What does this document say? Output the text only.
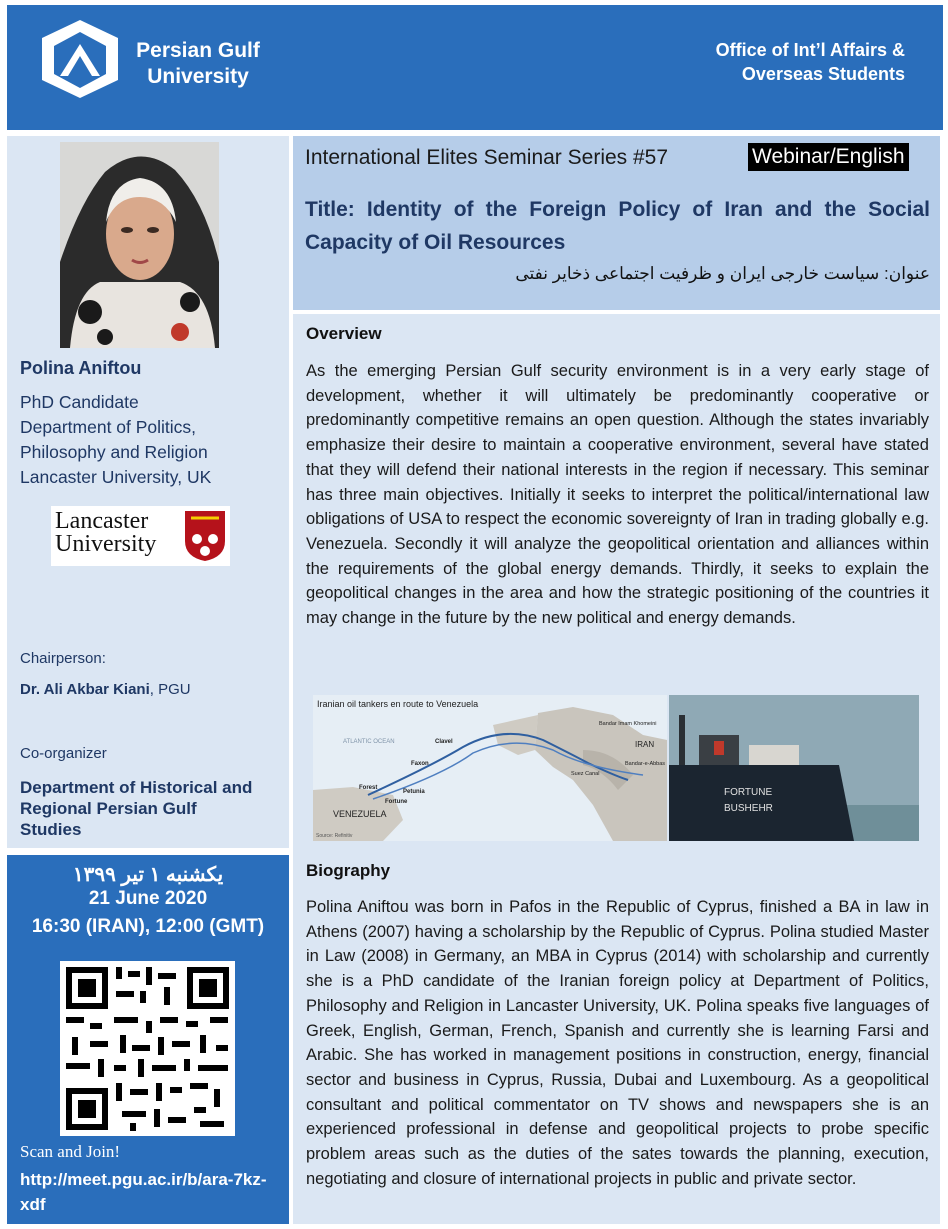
Persian Gulf University
Office of Int’l Affairs & Overseas Students
Polina Aniftou
PhD Candidate
Department of Politics,
Philosophy and Religion
Lancaster University, UK
Lancaster University
Chairperson:
Dr. Ali Akbar Kiani, PGU
Co-organizer
Department of Historical and Regional Persian Gulf Studies
یکشنبه ۱ تیر ۱۳۹۹
21 June 2020
16:30 (IRAN), 12:00 (GMT)
Scan and Join!
http://meet.pgu.ac.ir/b/ara-7kz-xdf
International Elites Seminar Series #57	Webinar/English
Title: Identity of the Foreign Policy of Iran and the Social Capacity of Oil Resources
عنوان: سیاست خارجی ایران و ظرفیت اجتماعی ذخایر نفتی
Overview
As the emerging Persian Gulf security environment is in a very early stage of development, whether it will ultimately be predominantly cooperative or predominantly competitive remains an open question. Although the states invariably emphasize their desire to maintain a cooperative environment, several have stated that they will defend their national interests in the region if necessary. This seminar has three main objectives. Initially it seeks to interpret the political/international law obligations of USA to respect the economic sovereignty of Iran in trading globally e.g. Venezuela. Secondly it will analyze the geopolitical orientation and alliances within the requirements of the global energy demands. Thirdly, it seeks to explain the geopolitical changes in the area and how the strategic positioning of the countries it may change in the future by the new political and energy demands.
Iranian oil tankers en route to Venezuela
ATLANTIC OCEAN	IRAN
VENEZUELA
Clavel
Faxon
Forest
Petunia
Fortune
Bandar Imam Khomeini
Suez Canal
Bandar-e-Abbas
Source: Refinitiv
FORTUNE
BUSHEHR
Biography
Polina Aniftou was born in Pafos in the Republic of Cyprus, finished a BA in law in Athens (2007) having a scholarship by the Republic of Cyprus. Polina studied Master in Law (2008) in Germany, an MBA in Cyprus (2014) with scholarship and currently she is a PhD candidate of the Iranian foreign policy at Department of Politics, Philosophy and Religion in Lancaster University, UK. Polina speaks five languages of Greek, English, German, French, Spanish and currently she is learning Farsi and Arabic. She has worked in management positions in construction, energy, financial sector and business in Cyprus, Russia, Dubai and Luxembourg. As a geopolitical consultant and political commentator on TV shows and newspapers she is an experienced professional in defense and geopolitical projects to probe specific problem areas such as the duties of the sates towards the planning, execution, negotiating and closure of international projects in public and private sector.
